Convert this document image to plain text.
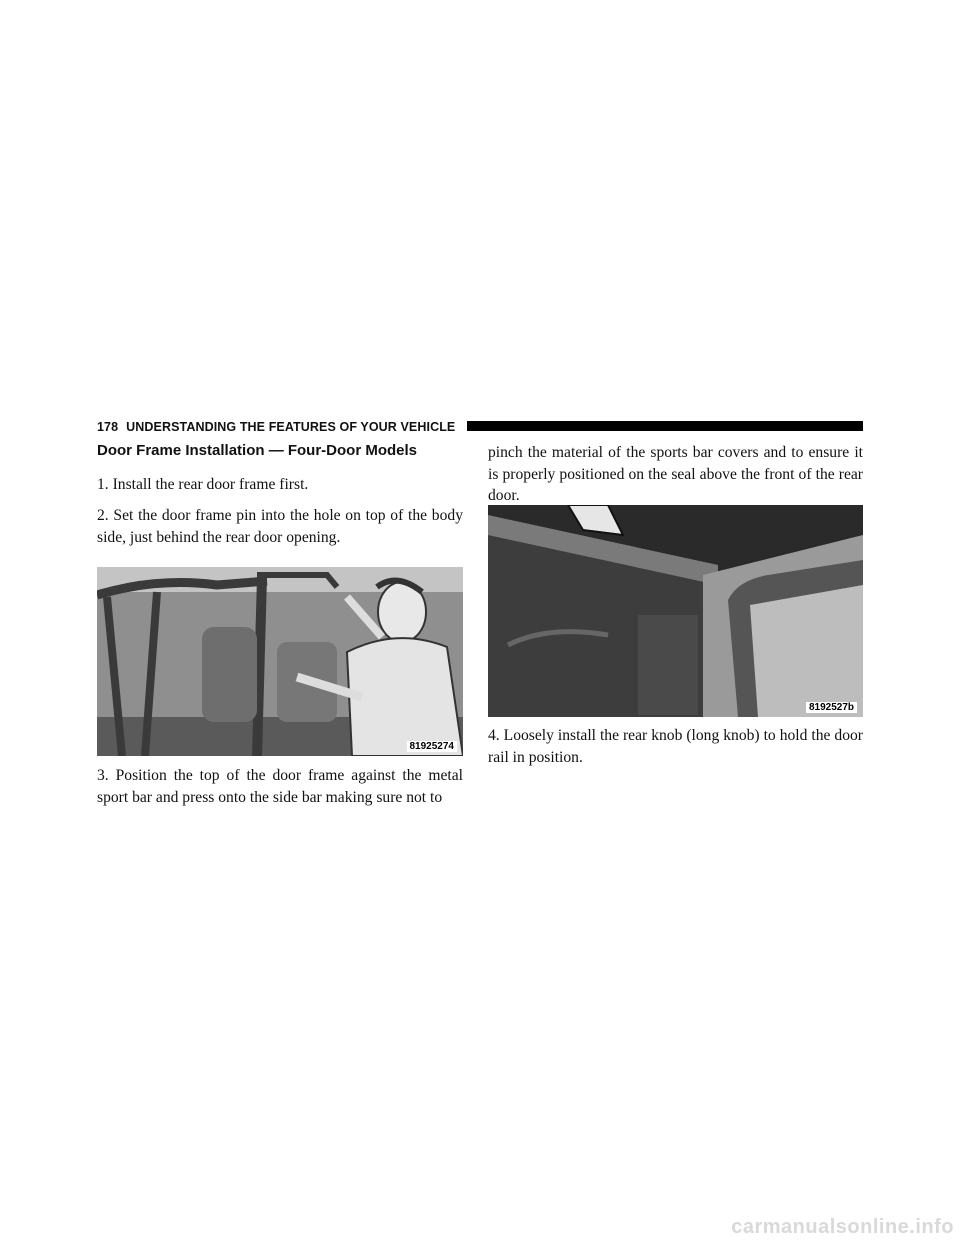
178 UNDERSTANDING THE FEATURES OF YOUR VEHICLE
Door Frame Installation — Four-Door Models

1. Install the rear door frame first.

2. Set the door frame pin into the hole on top of the body side, just behind the rear door opening.

81925274

3. Position the top of the door frame against the metal sport bar and press onto the side bar making sure not to

pinch the material of the sports bar covers and to ensure it is properly positioned on the seal above the front of the rear door.

8192527b

4. Loosely install the rear knob (long knob) to hold the door rail in position.

carmanualsonline.info
